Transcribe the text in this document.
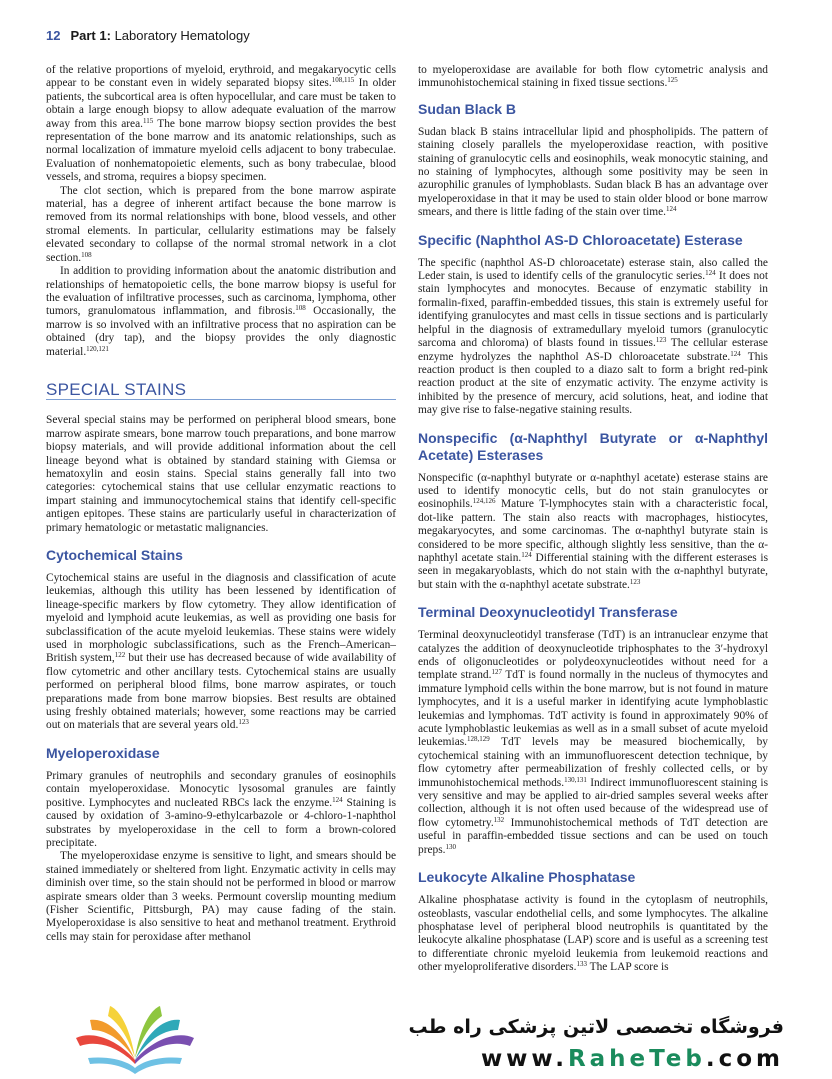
12 Part 1: Laboratory Hematology

of the relative proportions of myeloid, erythroid, and megakaryocytic cells appear to be constant even in widely separated biopsy sites.$^{108,115}$ In older patients, the subcortical area is often hypocellular, and care must be taken to obtain a large enough biopsy to allow adequate evaluation of the marrow away from this area.$^{115}$ The bone marrow biopsy section provides the best representation of the bone marrow and its anatomic relationships, such as normal localization of immature myeloid cells adjacent to bony trabeculae. Evaluation of nonhematopoietic elements, such as bony trabeculae, blood vessels, and stroma, requires a biopsy specimen.

The clot section, which is prepared from the bone marrow aspirate material, has a degree of inherent artifact because the bone marrow is removed from its normal relationships with bone, blood vessels, and other stromal elements. In particular, cellularity estimations may be falsely elevated secondary to collapse of the normal stromal network in a clot section.$^{108}$

In addition to providing information about the anatomic distribution and relationships of hematopoietic cells, the bone marrow biopsy is useful for the evaluation of infiltrative processes, such as carcinoma, lymphoma, other tumors, granulomatous inflammation, and fibrosis.$^{108}$ Occasionally, the marrow is so involved with an infiltrative process that no aspiration can be obtained (dry tap), and the biopsy provides the only diagnostic material.$^{120,121}$

SPECIAL STAINS

Several special stains may be performed on peripheral blood smears, bone marrow aspirate smears, bone marrow touch preparations, and bone marrow biopsy materials, and will provide additional information about the cell lineage beyond what is obtained by standard staining with Giemsa or hematoxylin and eosin stains. Special stains generally fall into two categories: cytochemical stains that use cellular enzymatic reactions to impart staining and immunocytochemical stains that identify cell-specific antigen epitopes. These stains are particularly useful in characterization of primary hematologic or metastatic malignancies.

Cytochemical Stains

Cytochemical stains are useful in the diagnosis and classification of acute leukemias, although this utility has been lessened by identification of lineage-specific markers by flow cytometry. They allow identification of myeloid and lymphoid acute leukemias, as well as providing one basis for subclassification of the acute myeloid leukemias. These stains were widely used in morphologic subclassifications, such as the French–American–British system,$^{122}$ but their use has decreased because of wide availability of flow cytometric and other ancillary tests. Cytochemical stains are usually performed on peripheral blood films, bone marrow aspirates, or touch preparations made from bone marrow biopsies. Best results are obtained using freshly obtained materials; however, some reactions may be carried out on materials that are several years old.$^{123}$

Myeloperoxidase

Primary granules of neutrophils and secondary granules of eosinophils contain myeloperoxidase. Monocytic lysosomal granules are faintly positive. Lymphocytes and nucleated RBCs lack the enzyme.$^{124}$ Staining is caused by oxidation of 3-amino-9-ethylcarbazole or 4-chloro-1-naphthol substrates by myeloperoxidase in the cell to form a brown-colored precipitate.

The myeloperoxidase enzyme is sensitive to light, and smears should be stained immediately or sheltered from light. Enzymatic activity in cells may diminish over time, so the stain should not be performed in blood or marrow aspirate smears older than 3 weeks. Permount coverslip mounting medium (Fisher Scientific, Pittsburgh, PA) may cause fading of the stain. Myeloperoxidase is also sensitive to heat and methanol treatment. Erythroid cells may stain for peroxidase after methanol

to myeloperoxidase are available for both flow cytometric analysis and immunohistochemical staining in fixed tissue sections.$^{125}$

Sudan Black B

Sudan black B stains intracellular lipid and phospholipids. The pattern of staining closely parallels the myeloperoxidase reaction, with positive staining of granulocytic cells and eosinophils, weak monocytic staining, and no staining of lymphocytes, although some positivity may be seen in azurophilic granules of lymphoblasts. Sudan black B has an advantage over myeloperoxidase in that it may be used to stain older blood or bone marrow smears, and there is little fading of the stain over time.$^{124}$

Specific (Naphthol AS-D Chloroacetate) Esterase

The specific (naphthol AS-D chloroacetate) esterase stain, also called the Leder stain, is used to identify cells of the granulocytic series.$^{124}$ It does not stain lymphocytes and monocytes. Because of enzymatic stability in formalin-fixed, paraffin-embedded tissues, this stain is extremely useful for identifying granulocytes and mast cells in tissue sections and is particularly helpful in the diagnosis of extramedullary myeloid tumors (granulocytic sarcoma and chloroma) of blasts found in tissues.$^{123}$ The cellular esterase enzyme hydrolyzes the naphthol AS-D chloroacetate substrate.$^{124}$ This reaction product is then coupled to a diazo salt to form a bright red-pink reaction product at the site of enzymatic activity. The enzyme activity is inhibited by the presence of mercury, acid solutions, heat, and iodine that may give rise to false-negative staining results.

Nonspecific (α-Naphthyl Butyrate or α-Naphthyl Acetate) Esterases

Nonspecific (α-naphthyl butyrate or α-naphthyl acetate) esterase stains are used to identify monocytic cells, but do not stain granulocytes or eosinophils.$^{124,126}$ Mature T-lymphocytes stain with a characteristic focal, dot-like pattern. The stain also reacts with macrophages, histiocytes, megakaryocytes, and some carcinomas. The α-naphthyl butyrate stain is considered to be more specific, although slightly less sensitive, than the α-naphthyl acetate stain.$^{124}$ Differential staining with the different esterases is seen in megakaryoblasts, which do not stain with the α-naphthyl butyrate, but stain with the α-naphthyl acetate substrate.$^{123}$

Terminal Deoxynucleotidyl Transferase

Terminal deoxynucleotidyl transferase (TdT) is an intranuclear enzyme that catalyzes the addition of deoxynucleotide triphosphates to the 3′-hydroxyl ends of oligonucleotides or polydeoxynucleotides without need for a template strand.$^{127}$ TdT is found normally in the nucleus of thymocytes and immature lymphoid cells within the bone marrow, but is not found in mature lymphocytes, and it is a useful marker in identifying acute lymphoblastic leukemias and lymphomas. TdT activity is found in approximately 90% of acute lymphoblastic leukemias as well as in a small subset of acute myeloid leukemias.$^{128,129}$ TdT levels may be measured biochemically, by cytochemical staining with an immunofluorescent detection technique, by flow cytometry after permeabilization of freshly collected cells, or by immunohistochemical methods.$^{130,131}$ Indirect immunofluorescent staining is very sensitive and may be applied to air-dried samples several weeks after collection, although it is not often used because of the widespread use of flow cytometry.$^{132}$ Immunohistochemical methods of TdT detection are useful in paraffin-embedded tissue sections and can be used on touch preps.$^{130}$

Leukocyte Alkaline Phosphatase

Alkaline phosphatase activity is found in the cytoplasm of neutrophils, osteoblasts, vascular endothelial cells, and some lymphocytes. The alkaline phosphatase level of peripheral blood neutrophils is quantitated by the leukocyte alkaline phosphatase (LAP) score and is useful as a screening test to differentiate chronic myeloid leukemia from leukemoid reactions and other myeloproliferative disorders.$^{133}$ The LAP score is

فروشگاه تخصصی لاتین پزشکی راه طب
www.RaheTeb.com
